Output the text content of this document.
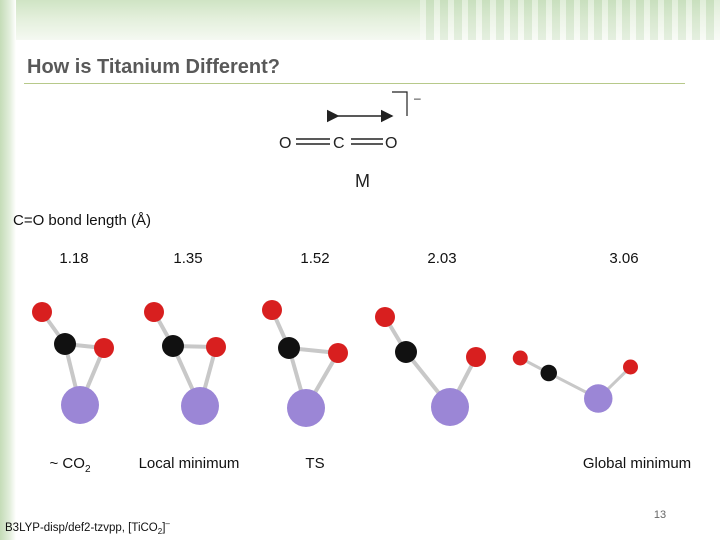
How is Titanium Different?
–
O	C	O
M
C=O bond length (Å)
1.18	1.35	1.52	2.03	3.06
~ $CO_2$	Local minimum	TS	Global minimum
13
B3LYP-disp/def2-tzvpp, [TiCO$_2$]–
